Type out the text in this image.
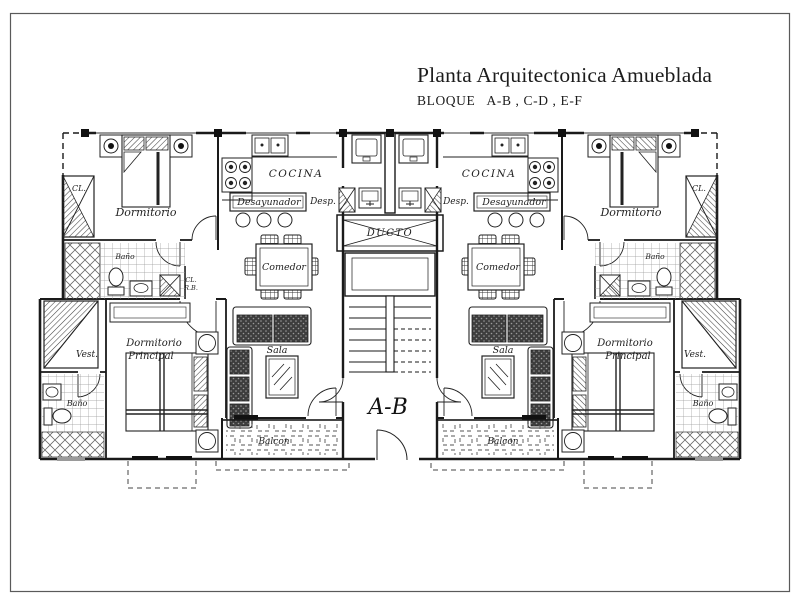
Planta Arquitectonica Amueblada
BLOQUE   A-B , C-D , E-F
CL.
Dormitorio
Baño
CL.
R.B.
COCINA
Desayunador Desp.
Comedor
Sala
Dormitorio
Principal
Vest.
Baño
Balcon
DUCTO
A-B
Desp.
COCINA
Desayunador
Comedor
Sala
Baño
Dormitorio
CL.
Dormitorio
Principal	Vest.
Baño
Balcon
